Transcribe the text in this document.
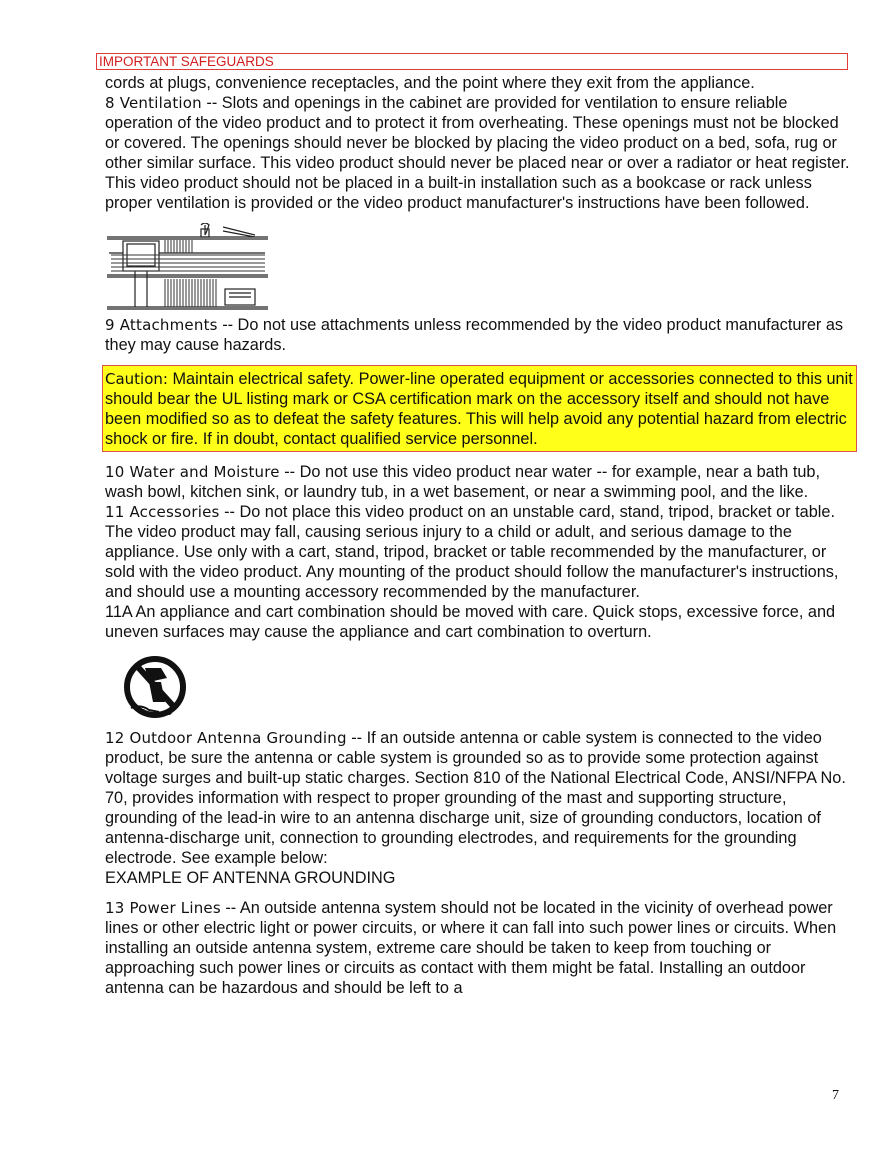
IMPORTANT SAFEGUARDS

cords at plugs, convenience receptacles, and the point where they exit from the appliance.

8 Ventilation -- Slots and openings in the cabinet are provided for ventilation to ensure reliable operation of the video product and to protect it from overheating. These openings must not be blocked or covered. The openings should never be blocked by placing the video product on a bed, sofa, rug or other similar surface. This video product should never be placed near or over a radiator or heat register. This video product should not be placed in a built-in installation such as a bookcase or rack unless proper ventilation is provided or the video product manufacturer's instructions have been followed.

9 Attachments -- Do not use attachments unless recommended by the video product manufacturer as they may cause hazards.

Caution: Maintain electrical safety. Power-line operated equipment or accessories connected to this unit should bear the UL listing mark or CSA certification mark on the accessory itself and should not have been modified so as to defeat the safety features. This will help avoid any potential hazard from electric shock or fire. If in doubt, contact qualified service personnel.

10 Water and Moisture -- Do not use this video product near water -- for example, near a bath tub, wash bowl, kitchen sink, or laundry tub, in a wet basement, or near a swimming pool, and the like.

11 Accessories -- Do not place this video product on an unstable card, stand, tripod, bracket or table. The video product may fall, causing serious injury to a child or adult, and serious damage to the appliance. Use only with a cart, stand, tripod, bracket or table recommended by the manufacturer, or sold with the video product. Any mounting of the product should follow the manufacturer's instructions, and should use a mounting accessory recommended by the manufacturer.

11A An appliance and cart combination should be moved with care. Quick stops, excessive force, and uneven surfaces may cause the appliance and cart combination to overturn.

12 Outdoor Antenna Grounding -- If an outside antenna or cable system is connected to the video product, be sure the antenna or cable system is grounded so as to provide some protection against voltage surges and built-up static charges. Section 810 of the National Electrical Code, ANSI/NFPA No. 70, provides information with respect to proper grounding of the mast and supporting structure, grounding of the lead-in wire to an antenna discharge unit, size of grounding conductors, location of antenna-discharge unit, connection to grounding electrodes, and requirements for the grounding electrode. See example below:

EXAMPLE OF ANTENNA GROUNDING

13 Power Lines -- An outside antenna system should not be located in the vicinity of overhead power lines or other electric light or power circuits, or where it can fall into such power lines or circuits. When installing an outside antenna system, extreme care should be taken to keep from touching or approaching such power lines or circuits as contact with them might be fatal. Installing an outdoor antenna can be hazardous and should be left to a

7
